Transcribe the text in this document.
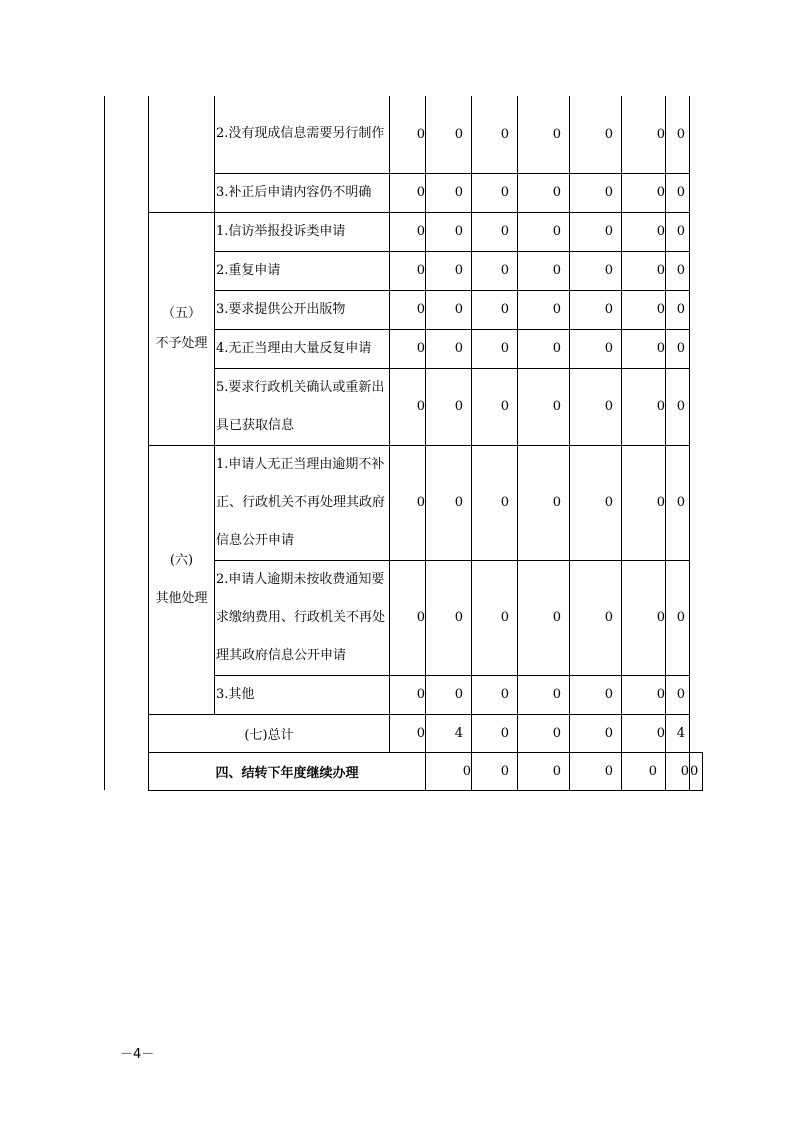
		2.没有现成信息需要另行制作	0	0	0	0	0	0	0	
		3.补正后申请内容仍不明确	0	0	0	0	0	0	0	
	（五）
不予处理	1.信访举报投诉类申请	0	0	0	0	0	0	0	
		2.重复申请	0	0	0	0	0	0	0	
		3.要求提供公开出版物	0	0	0	0	0	0	0	
		4.无正当理由大量反复申请	0	0	0	0	0	0	0	
		5.要求行政机关确认或重新出具已获取信息	0	0	0	0	0	0	0	
	(六)
其他处理	1.申请人无正当理由逾期不补正、行政机关不再处理其政府信息公开申请	0	0	0	0	0	0	0	
		2.申请人逾期未按收费通知要求缴纳费用、行政机关不再处理其政府信息公开申请	0	0	0	0	0	0	0	
		3.其他	0	0	0	0	0	0	0	
	(七)总计		0	4	0	0	0	0	4	
	四、结转下年度继续办理			0	0	0	0	0	0	0
－4－
